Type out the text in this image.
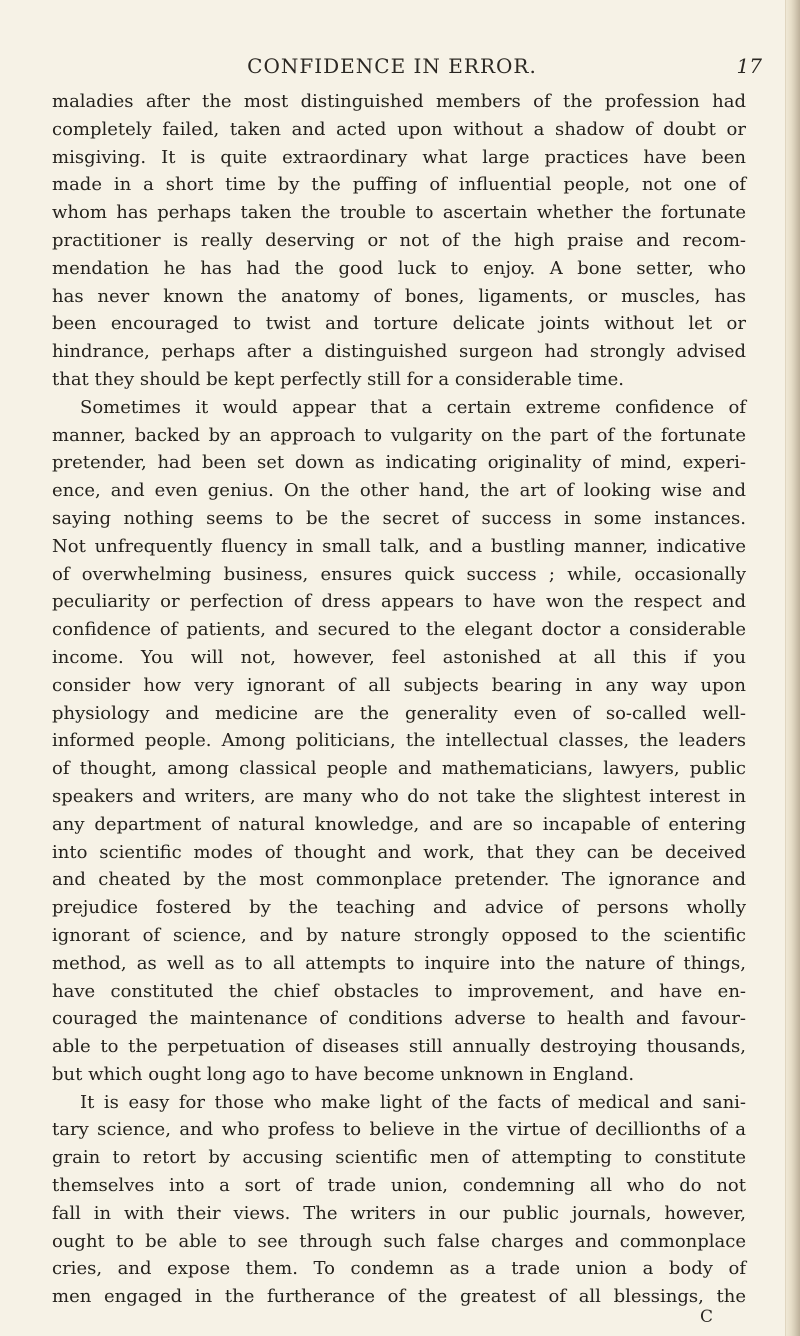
CONFIDENCE IN ERROR.	17
maladies after the most distinguished members of the profession had
completely failed, taken and acted upon without a shadow of doubt or
misgiving. It is quite extraordinary what large practices have been
made in a short time by the puffing of influential people, not one of
whom has perhaps taken the trouble to ascertain whether the fortunate
practitioner is really deserving or not of the high praise and recom-
mendation he has had the good luck to enjoy. A bone setter, who
has never known the anatomy of bones, ligaments, or muscles, has
been encouraged to twist and torture delicate joints without let or
hindrance, perhaps after a distinguished surgeon had strongly advised
that they should be kept perfectly still for a considerable time.
Sometimes it would appear that a certain extreme confidence of
manner, backed by an approach to vulgarity on the part of the fortunate
pretender, had been set down as indicating originality of mind, experi-
ence, and even genius. On the other hand, the art of looking wise and
saying nothing seems to be the secret of success in some instances.
Not unfrequently fluency in small talk, and a bustling manner, indicative
of overwhelming business, ensures quick success ; while, occasionally
peculiarity or perfection of dress appears to have won the respect and
confidence of patients, and secured to the elegant doctor a considerable
income. You will not, however, feel astonished at all this if you
consider how very ignorant of all subjects bearing in any way upon
physiology and medicine are the generality even of so-called well-
informed people. Among politicians, the intellectual classes, the leaders
of thought, among classical people and mathematicians, lawyers, public
speakers and writers, are many who do not take the slightest interest in
any department of natural knowledge, and are so incapable of entering
into scientific modes of thought and work, that they can be deceived
and cheated by the most commonplace pretender. The ignorance and
prejudice fostered by the teaching and advice of persons wholly
ignorant of science, and by nature strongly opposed to the scientific
method, as well as to all attempts to inquire into the nature of things,
have constituted the chief obstacles to improvement, and have en-
couraged the maintenance of conditions adverse to health and favour-
able to the perpetuation of diseases still annually destroying thousands,
but which ought long ago to have become unknown in England.
It is easy for those who make light of the facts of medical and sani-
tary science, and who profess to believe in the virtue of decillionths of a
grain to retort by accusing scientific men of attempting to constitute
themselves into a sort of trade union, condemning all who do not
fall in with their views. The writers in our public journals, however,
ought to be able to see through such false charges and commonplace
cries, and expose them. To condemn as a trade union a body of
men engaged in the furtherance of the greatest of all blessings, the
C
